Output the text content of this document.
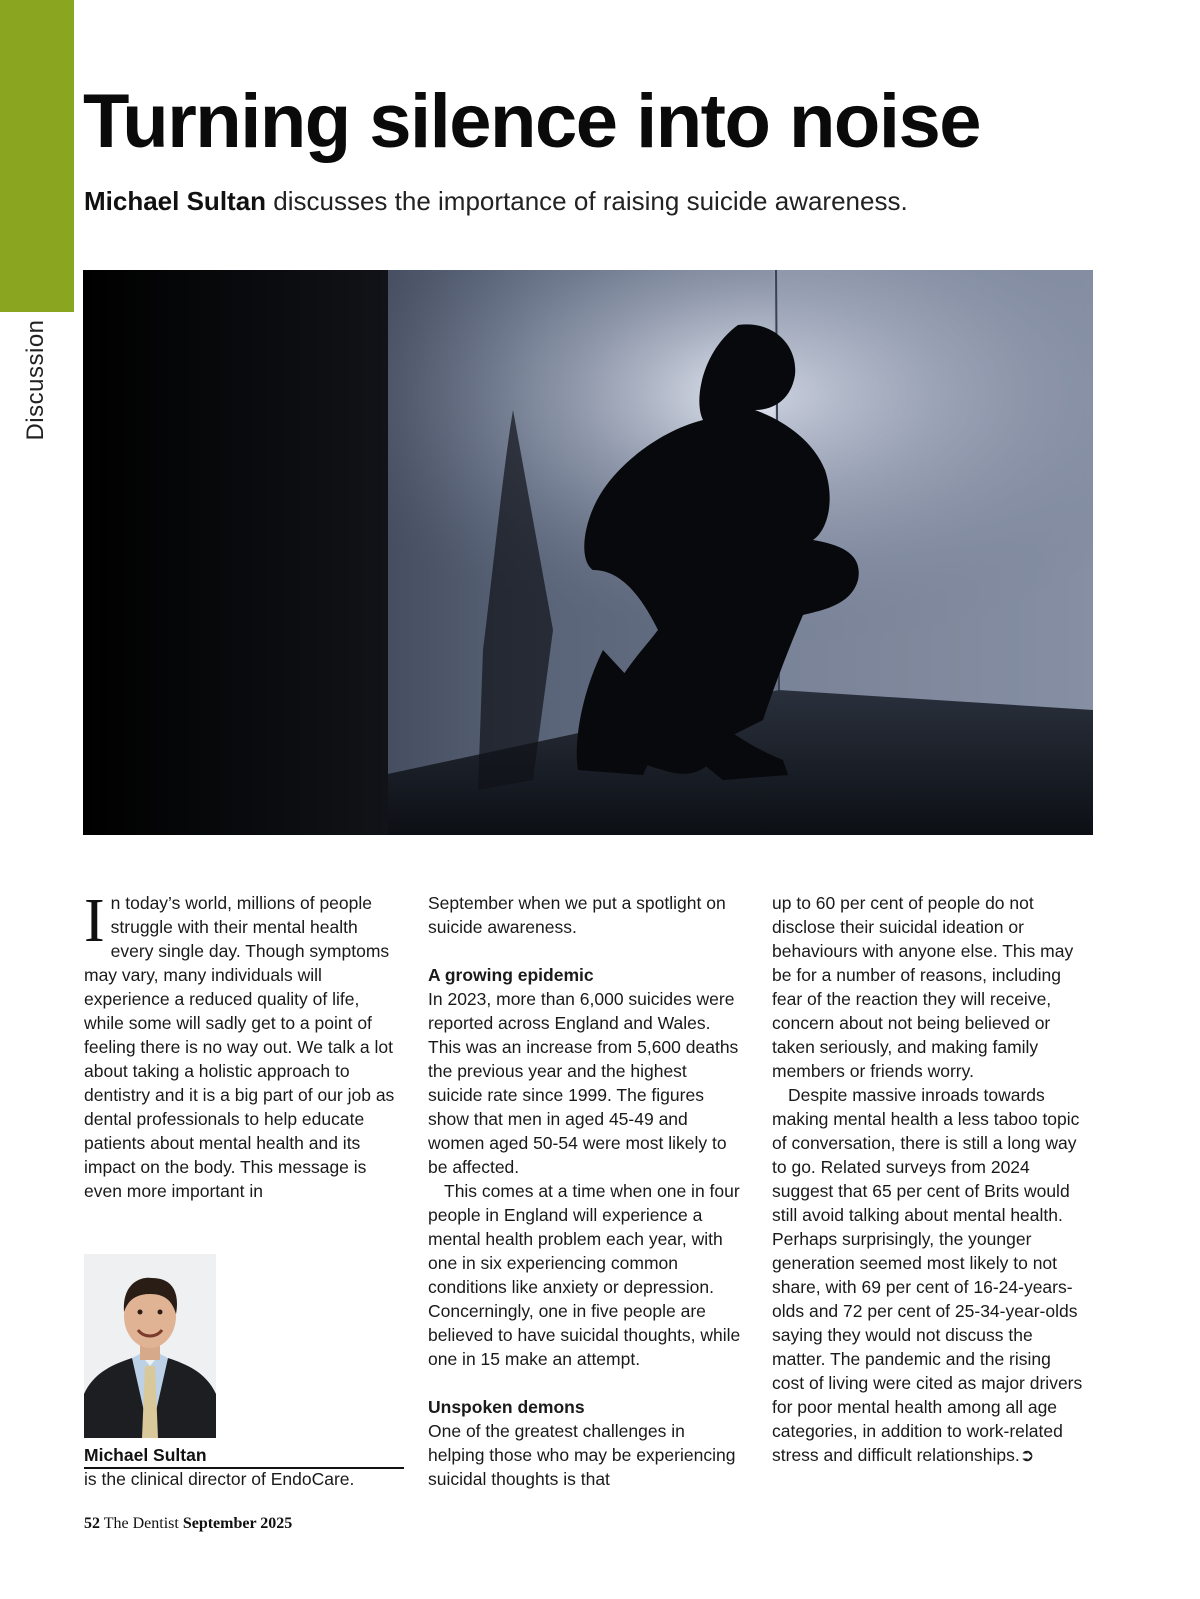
Discussion
Turning silence into noise
Michael Sultan discusses the importance of raising suicide awareness.

In today’s world, millions of people struggle with their mental health every single day. Though symptoms may vary, many individuals will experience a reduced quality of life, while some will sadly get to a point of feeling there is no way out. We talk a lot about taking a holistic approach to dentistry and it is a big part of our job as dental professionals to help educate patients about mental health and its impact on the body. This message is even more important in

September when we put a spotlight on suicide awareness.

A growing epidemic

In 2023, more than 6,000 suicides were reported across England and Wales. This was an increase from 5,600 deaths the previous year and the highest suicide rate since 1999. The figures show that men in aged 45-49 and women aged 50-54 were most likely to be affected.

This comes at a time when one in four people in England will experience a mental health problem each year, with one in six experiencing common conditions like anxiety or depression. Concerningly, one in five people are believed to have suicidal thoughts, while one in 15 make an attempt.

Unspoken demons

One of the greatest challenges in helping those who may be experiencing suicidal thoughts is that

up to 60 per cent of people do not disclose their suicidal ideation or behaviours with anyone else. This may be for a number of reasons, including fear of the reaction they will receive, concern about not being believed or taken seriously, and making family members or friends worry.

Despite massive inroads towards making mental health a less taboo topic of conversation, there is still a long way to go. Related surveys from 2024 suggest that 65 per cent of Brits would still avoid talking about mental health. Perhaps surprisingly, the younger generation seemed most likely to not share, with 69 per cent of 16-24-years-olds and 72 per cent of 25-34-year-olds saying they would not discuss the matter. The pandemic and the rising cost of living were cited as major drivers for poor mental health among all age categories, in addition to work-related stress and difficult relationships.➲

Michael Sultan
is the clinical director of EndoCare.
52 The Dentist September 2025
